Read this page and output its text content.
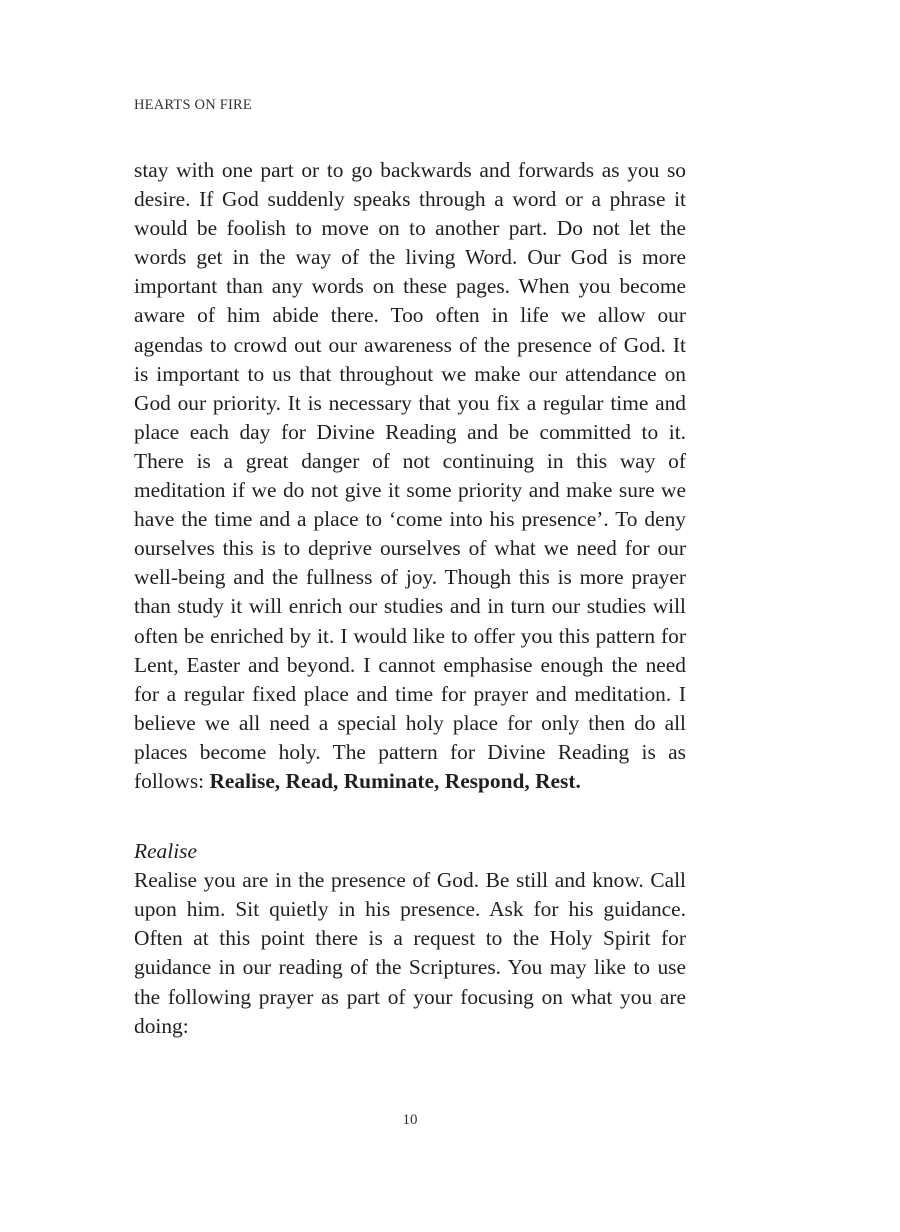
HEARTS ON FIRE

stay with one part or to go backwards and forwards as you so desire. If God suddenly speaks through a word or a phrase it would be foolish to move on to another part. Do not let the words get in the way of the living Word. Our God is more important than any words on these pages. When you become aware of him abide there. Too often in life we allow our agendas to crowd out our awareness of the presence of God. It is important to us that throughout we make our attendance on God our priority. It is necessary that you fix a regular time and place each day for Divine Reading and be committed to it. There is a great danger of not continuing in this way of meditation if we do not give it some priority and make sure we have the time and a place to ‘come into his presence’. To deny ourselves this is to deprive ourselves of what we need for our well-being and the fullness of joy. Though this is more prayer than study it will enrich our studies and in turn our studies will often be enriched by it. I would like to offer you this pattern for Lent, Easter and beyond. I cannot emphasise enough the need for a regular fixed place and time for prayer and meditation. I believe we all need a special holy place for only then do all places become holy. The pattern for Divine Reading is as follows: Realise, Read, Ruminate, Respond, Rest.

Realise

Realise you are in the presence of God. Be still and know. Call upon him. Sit quietly in his presence. Ask for his guidance. Often at this point there is a request to the Holy Spirit for guidance in our reading of the Scriptures. You may like to use the following prayer as part of your focusing on what you are doing:

10
